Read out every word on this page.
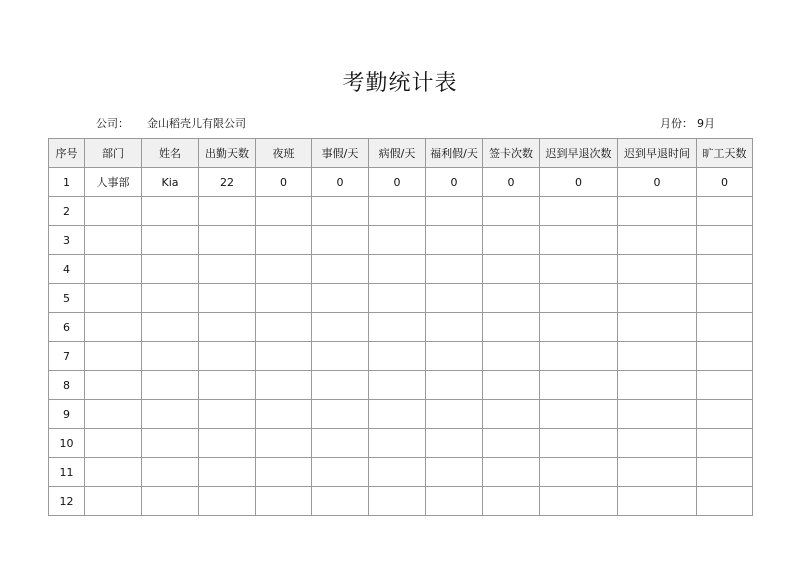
考勤统计表
公司： 金山稻壳儿有限公司	月份： 9月
序号	部门	姓名	出勤天数	夜班	事假/天	病假/天	福利假/天	签卡次数	迟到早退次数	迟到早退时间	旷工天数
1	人事部	Kia	22	0	0	0	0	0	0	0	0
2											
3											
4											
5											
6											
7											
8											
9											
10											
11											
12											
